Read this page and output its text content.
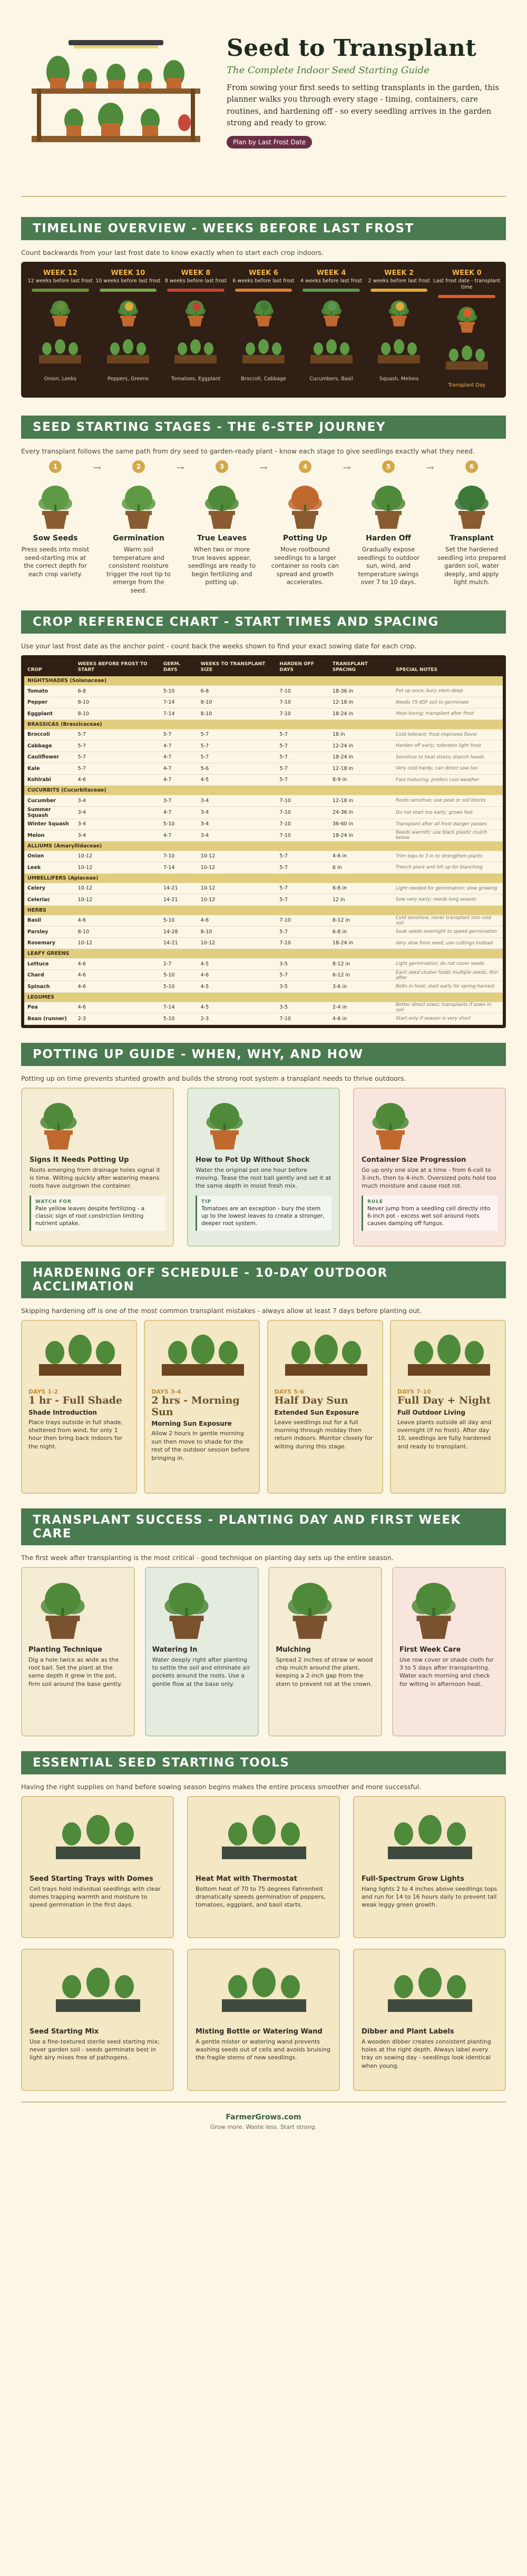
Seed to Transplant
The Complete Indoor Seed Starting Guide
From sowing your first seeds to setting transplants in the garden, this planner walks you through every stage - timing, containers, care routines, and hardening off - so every seedling arrives in the garden strong and ready to grow.
Plan by Last Frost Date
TIMELINE OVERVIEW - WEEKS BEFORE LAST FROST
Count backwards from your last frost date to know exactly when to start each crop indoors.
WEEK 12
12 weeks before last frost
Onion, Leeks
WEEK 10
10 weeks before last frost
Peppers, Greens
WEEK 8
8 weeks before last frost
Tomatoes, Eggplant
WEEK 6
6 weeks before last frost
Broccoli, Cabbage
WEEK 4
4 weeks before last frost
Cucumbers, Basil
WEEK 2
2 weeks before last frost
Squash, Melons
WEEK 0
Last frost date - transplant time
Transplant Day
SEED STARTING STAGES - THE 6-STEP JOURNEY
Every transplant follows the same path from dry seed to garden-ready plant - know each stage to give seedlings exactly what they need.
1
Sow Seeds
Press seeds into moist seed-starting mix at the correct depth for each crop variety.
→	2
Germination
Warm soil temperature and consistent moisture trigger the root tip to emerge from the seed.
→	3
True Leaves
When two or more true leaves appear, seedlings are ready to begin fertilizing and potting up.
→	4
Potting Up
Move rootbound seedlings to a larger container so roots can spread and growth accelerates.
→	5
Harden Off
Gradually expose seedlings to outdoor sun, wind, and temperature swings over 7 to 10 days.
→	6
Transplant
Set the hardened seedling into prepared garden soil, water deeply, and apply light mulch.
CROP REFERENCE CHART - START TIMES AND SPACING
Use your last frost date as the anchor point - count back the weeks shown to find your exact sowing date for each crop.
CROP	WEEKS BEFORE FROST TO START	GERM. DAYS	WEEKS TO TRANSPLANT SIZE	HARDEN OFF DAYS	TRANSPLANT SPACING	SPECIAL NOTES
NIGHTSHADES (Solanaceae)						
Tomato	6-8	5-10	6-8	7-10	18-36 in	Pot up once; bury stem deep
Pepper	8-10	7-14	8-10	7-10	12-18 in	Needs 75-85F soil to germinate
Eggplant	8-10	7-14	8-10	7-10	18-24 in	Heat-loving; transplant after frost
BRASSICAS (Brassicaceae)						
Broccoli	5-7	5-7	5-7	5-7	18 in	Cold tolerant; frost improves flavor
Cabbage	5-7	4-7	5-7	5-7	12-24 in	Harden off early; tolerates light frost
Cauliflower	5-7	4-7	5-7	5-7	18-24 in	Sensitive to heat stress; blanch heads
Kale	5-7	4-7	5-6	5-7	12-18 in	Very cold hardy; can direct sow too
Kohlrabi	4-6	4-7	4-5	5-7	8-9 in	Fast maturing; prefers cool weather
CUCURBITS (Cucurbitaceae)						
Cucumber	3-4	3-7	3-4	7-10	12-18 in	Roots sensitive; use peat or soil blocks
Summer Squash	3-4	4-7	3-4	7-10	24-36 in	Do not start too early; grows fast
Winter Squash	3-4	5-10	3-4	7-10	36-60 in	Transplant after all frost danger passes
Melon	3-4	4-7	3-4	7-10	18-24 in	Needs warmth; use black plastic mulch below
ALLIUMS (Amaryllidaceae)						
Onion	10-12	7-10	10-12	5-7	4-6 in	Trim tops to 3 in to strengthen plants
Leek	10-12	7-14	10-12	5-7	6 in	Trench plant and hill up for blanching
UMBELLIFERS (Apiaceae)						
Celery	10-12	14-21	10-12	5-7	6-8 in	Light needed for germination; slow growing
Celeriac	10-12	14-21	10-12	5-7	12 in	Sow very early; needs long season
HERBS						
Basil	4-6	5-10	4-6	7-10	8-12 in	Cold sensitive; never transplant into cold soil
Parsley	8-10	14-28	8-10	5-7	6-8 in	Soak seeds overnight to speed germination
Rosemary	10-12	14-21	10-12	7-10	18-24 in	Very slow from seed; use cuttings instead
LEAFY GREENS						
Lettuce	4-6	2-7	4-5	3-5	8-12 in	Light germination; do not cover seeds
Chard	4-6	5-10	4-6	5-7	6-12 in	Each seed cluster holds multiple seeds; thin after
Spinach	4-6	5-10	4-5	3-5	3-6 in	Bolts in heat; start early for spring harvest
LEGUMES						
Pea	4-6	7-14	4-5	3-5	2-4 in	Better direct sown; transplants if sown in soil
Bean (runner)	2-3	5-10	2-3	7-10	4-6 in	Start only if season is very short
POTTING UP GUIDE - WHEN, WHY, AND HOW
Potting up on time prevents stunted growth and builds the strong root system a transplant needs to thrive outdoors.
Signs It Needs Potting Up
Roots emerging from drainage holes signal it is time. Wilting quickly after watering means roots have outgrown the container.
WATCH FOR
Pale yellow leaves despite fertilizing - a classic sign of root constriction limiting nutrient uptake.
How to Pot Up Without Shock
Water the original pot one hour before moving. Tease the root ball gently and set it at the same depth in moist fresh mix.
TIP
Tomatoes are an exception - bury the stem up to the lowest leaves to create a stronger, deeper root system.
Container Size Progression
Go up only one size at a time - from 6-cell to 3-inch, then to 4-inch. Oversized pots hold too much moisture and cause root rot.
RULE
Never jump from a seedling cell directly into 6-inch pot - excess wet soil around roots causes damping off fungus.
HARDENING OFF SCHEDULE - 10-DAY OUTDOOR ACCLIMATION
Skipping hardening off is one of the most common transplant mistakes - always allow at least 7 days before planting out.
DAYS 1-2
1 hr - Full Shade
Shade Introduction
Place trays outside in full shade, sheltered from wind, for only 1 hour then bring back indoors for the night.
DAYS 3-4
2 hrs - Morning Sun
Morning Sun Exposure
Allow 2 hours in gentle morning sun then move to shade for the rest of the outdoor session before bringing in.
DAYS 5-6
Half Day Sun
Extended Sun Exposure
Leave seedlings out for a full morning through midday then return indoors. Monitor closely for wilting during this stage.
DAYS 7-10
Full Day + Night
Full Outdoor Living
Leave plants outside all day and overnight (if no frost). After day 10, seedlings are fully hardened and ready to transplant.
TRANSPLANT SUCCESS - PLANTING DAY AND FIRST WEEK CARE
The first week after transplanting is the most critical - good technique on planting day sets up the entire season.
Planting Technique
Dig a hole twice as wide as the root ball. Set the plant at the same depth it grew in the pot, firm soil around the base gently.
Watering In
Water deeply right after planting to settle the soil and eliminate air pockets around the roots. Use a gentle flow at the base only.
Mulching
Spread 2 inches of straw or wood chip mulch around the plant, keeping a 2-inch gap from the stem to prevent rot at the crown.
First Week Care
Use row cover or shade cloth for 3 to 5 days after transplanting. Water each morning and check for wilting in afternoon heat.
ESSENTIAL SEED STARTING TOOLS
Having the right supplies on hand before sowing season begins makes the entire process smoother and more successful.
Seed Starting Trays with Domes
Cell trays hold individual seedlings with clear domes trapping warmth and moisture to speed germination in the first days.
Heat Mat with Thermostat
Bottom heat of 70 to 75 degrees Fahrenheit dramatically speeds germination of peppers, tomatoes, eggplant, and basil starts.
Full-Spectrum Grow Lights
Hang lights 2 to 4 inches above seedlings tops and run for 14 to 16 hours daily to prevent tall weak leggy green growth.
Seed Starting Mix
Use a fine-textured sterile seed starting mix; never garden soil - seeds germinate best in light airy mixes free of pathogens.
Misting Bottle or Watering Wand
A gentle mister or watering wand prevents washing seeds out of cells and avoids bruising the fragile stems of new seedlings.
Dibber and Plant Labels
A wooden dibber creates consistent planting holes at the right depth. Always label every tray on sowing day - seedlings look identical when young.
FarmerGrows.com
Grow more. Waste less. Start strong.
